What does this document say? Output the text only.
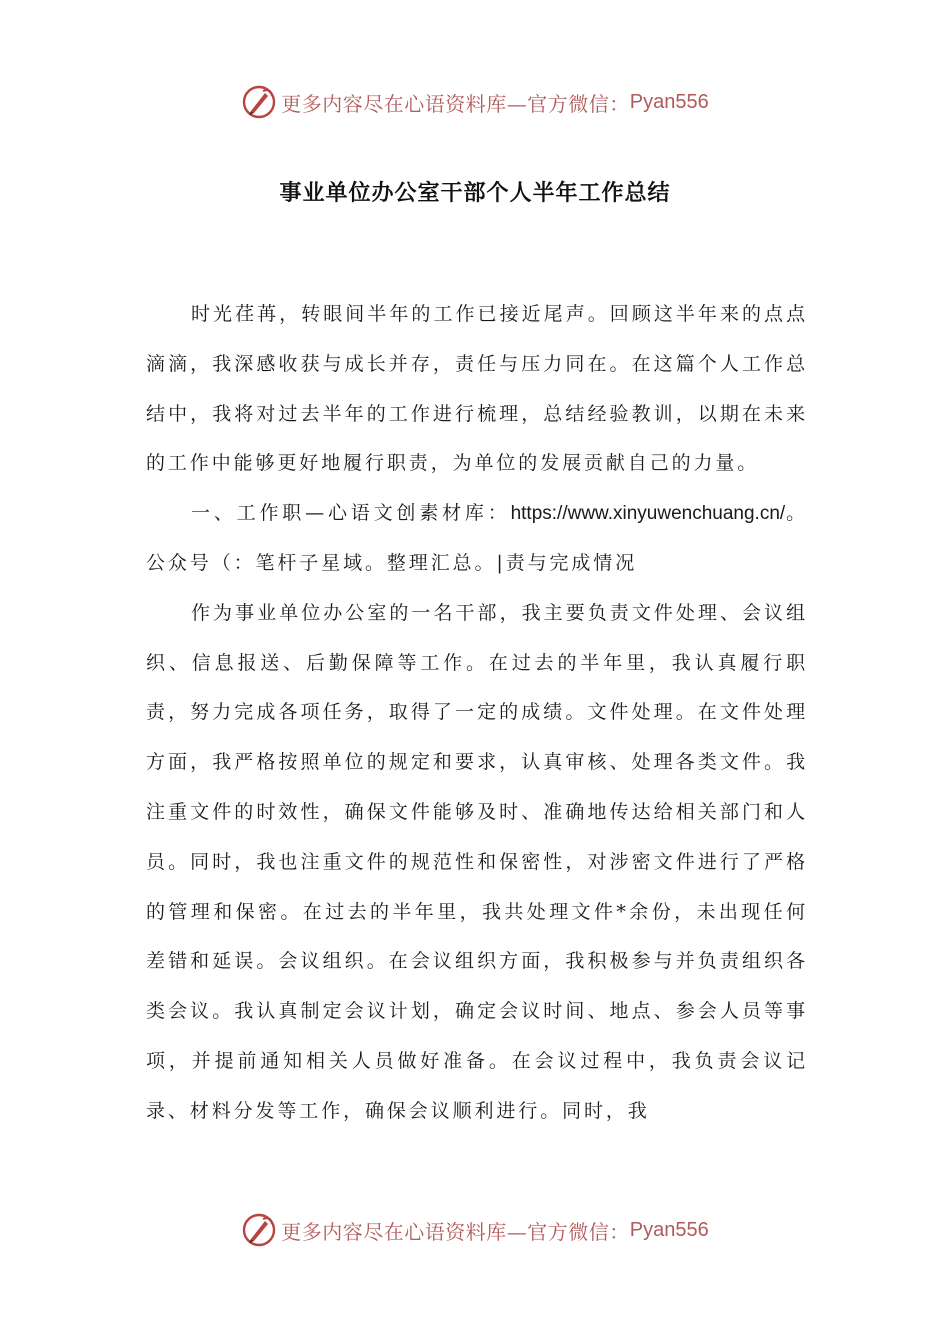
更多内容尽在心语资料库—官方微信： Pyan556
事业单位办公室干部个人半年工作总结

时光荏苒，转眼间半年的工作已接近尾声。回顾这半年来的点点滴滴，我深感收获与成长并存，责任与压力同在。在这篇个人工作总结中，我将对过去半年的工作进行梳理，总结经验教训，以期在未来的工作中能够更好地履行职责，为单位的发展贡献自己的力量。

一、工作职—心语文创素材库：https://www.xinyuwenchuang.cn/。公众号（：笔杆子星域。整理汇总。|责与完成情况

作为事业单位办公室的一名干部，我主要负责文件处理、会议组织、信息报送、后勤保障等工作。在过去的半年里，我认真履行职责，努力完成各项任务，取得了一定的成绩。文件处理。在文件处理方面，我严格按照单位的规定和要求，认真审核、处理各类文件。我注重文件的时效性，确保文件能够及时、准确地传达给相关部门和人员。同时，我也注重文件的规范性和保密性，对涉密文件进行了严格的管理和保密。在过去的半年里，我共处理文件*余份，未出现任何差错和延误。会议组织。在会议组织方面，我积极参与并负责组织各类会议。我认真制定会议计划，确定会议时间、地点、参会人员等事项，并提前通知相关人员做好准备。在会议过程中，我负责会议记录、材料分发等工作，确保会议顺利进行。同时，我

更多内容尽在心语资料库—官方微信： Pyan556
